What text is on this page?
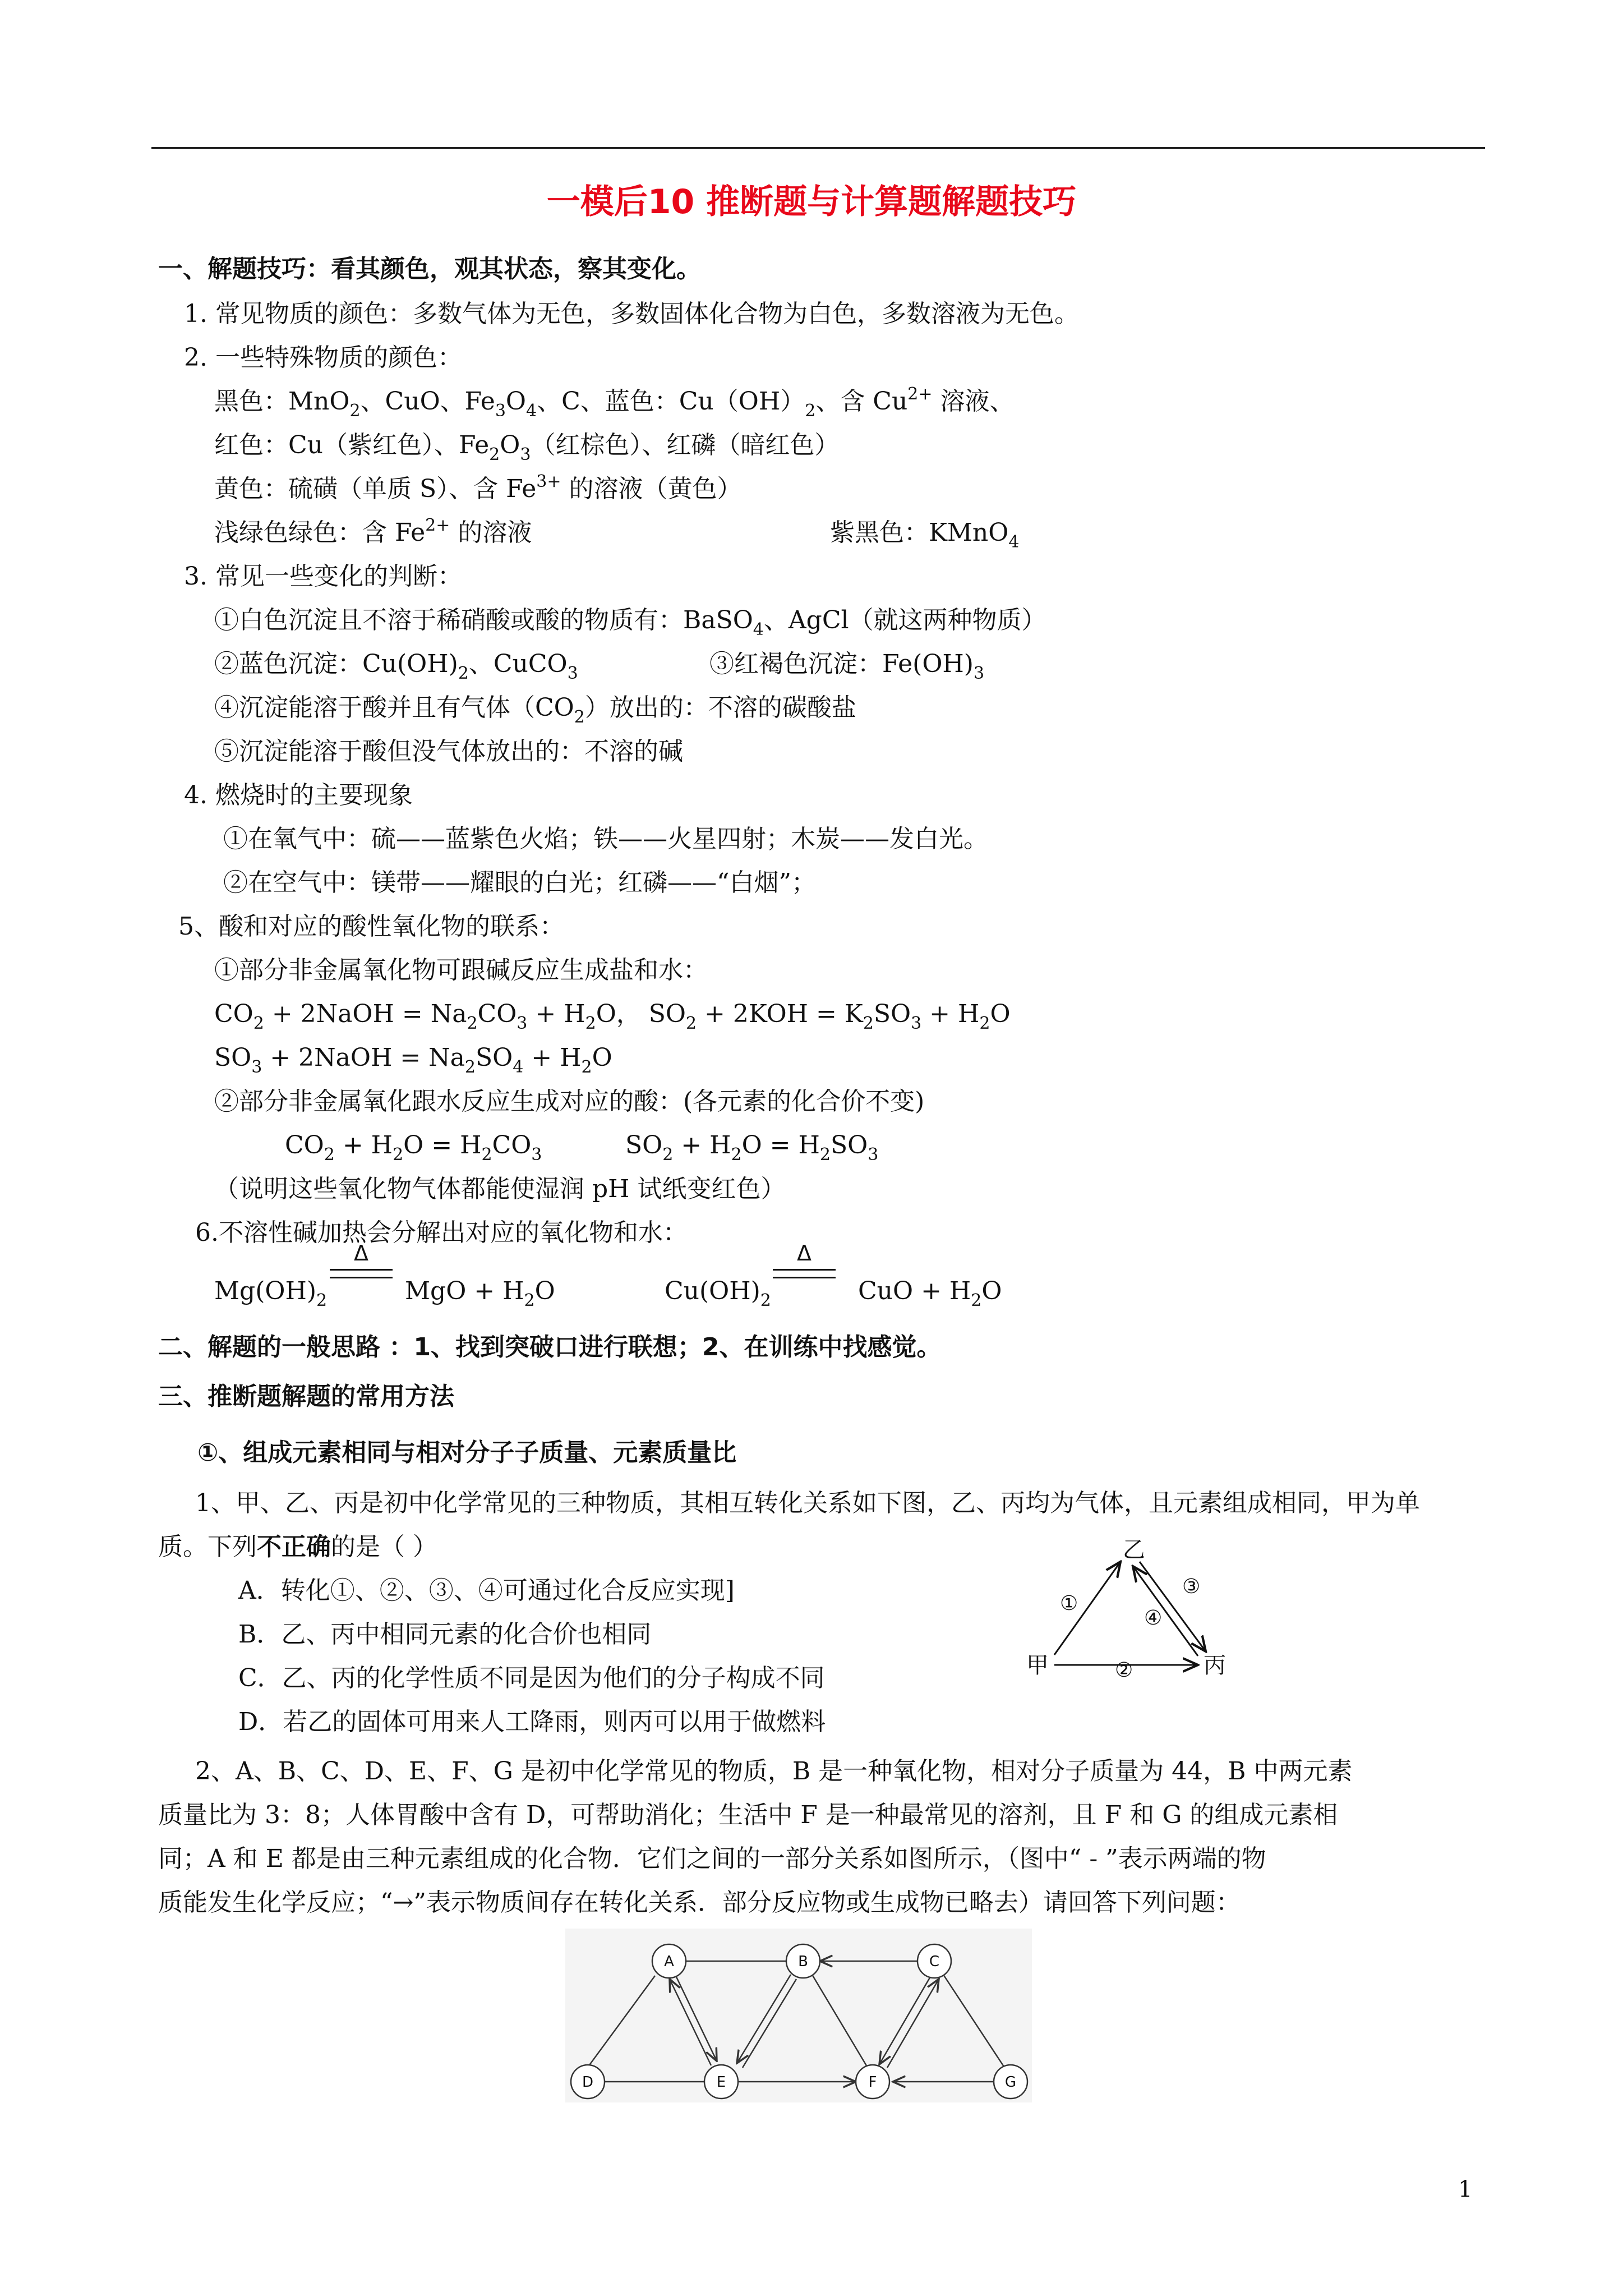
一模后10 推断题与计算题解题技巧
一、解题技巧：看其颜色，观其状态，察其变化。
1. 常见物质的颜色：多数气体为无色，多数固体化合物为白色，多数溶液为无色。
2. 一些特殊物质的颜色：
黑色：MnO$_2$、CuO、$Fe_3O_4$、C、蓝色：$Cu(OH)_2$、含 $Cu^{2+}$ 溶液、
红色：Cu（紫红色）、$Fe_2O_3$（红棕色）、红磷（暗红色）
黄色：硫磺（单质 S）、含 $Fe^{3+}$ 的溶液（黄色）
浅绿色绿色：含 $Fe^{2+}$ 的溶液	紫黑色：KMnO$_4$
3. 常见一些变化的判断：
①白色沉淀且不溶于稀硝酸或酸的物质有：BaSO$_4$、AgCl（就这两种物质）
②蓝色沉淀：$Cu(OH)_2$、CuCO$_3$	③红褐色沉淀：$Fe(OH)_3$
④沉淀能溶于酸并且有气体$(CO_2)$放出的：不溶的碳酸盐
⑤沉淀能溶于酸但没气体放出的：不溶的碱
4. 燃烧时的主要现象
①在氧气中：硫——蓝紫色火焰；铁——火星四射；木炭——发白光。
②在空气中：镁带——耀眼的白光；红磷——“白烟”；
5、酸和对应的酸性氧化物的联系：
①部分非金属氧化物可跟碱反应生成盐和水：
$CO_2$ + 2NaOH = $Na_2CO_3 + H_2O$， $SO_2 + 2KOH = K_2SO_3 + H_2O$
$SO_3$ + 2NaOH = $Na_2SO_4 + H_2O$
②部分非金属氧化跟水反应生成对应的酸：(各元素的化合价不变)
$CO_2 + H_2O = H_2CO_3$	$SO_2 + H_2O = H_2SO_3$
（说明这些氧化物气体都能使湿润 pH 试纸变红色）
6.不溶性碱加热会分解出对应的氧化物和水：
$Mg(OH)_2$
Δ
MgO + $H_2O$	$Cu(OH)_2$
Δ
CuO + $H_2O$
二、解题的一般思路 ：1、找到突破口进行联想；2、在训练中找感觉。
三、推断题解题的常用方法
①、组成元素相同与相对分子子质量、元素质量比
1、甲、乙、丙是初中化学常见的三种物质，其相互转化关系如下图，乙、丙均为气体，且元素组成相同，甲为单
质。下列不正确的是（ ）
A．转化①、②、③、④可通过化合反应实现]
B．乙、丙中相同元素的化合价也相同
C．乙、丙的化学性质不同是因为他们的分子构成不同
D．若乙的固体可用来人工降雨，则丙可以用于做燃料
乙
甲	丙
①
③
④
②
2、A、B、C、D、E、F、G 是初中化学常见的物质，B 是一种氧化物，相对分子质量为 44，B 中两元素
质量比为 3：8；人体胃酸中含有 D，可帮助消化；生活中 F 是一种最常见的溶剂，且 F 和 G 的组成元素相
同；A 和 E 都是由三种元素组成的化合物．它们之间的一部分关系如图所示，（图中“ - ”表示两端的物
质能发生化学反应；“→”表示物质间存在转化关系．部分反应物或生成物已略去）请回答下列问题：
A	B	C
D	E	F	G
1
